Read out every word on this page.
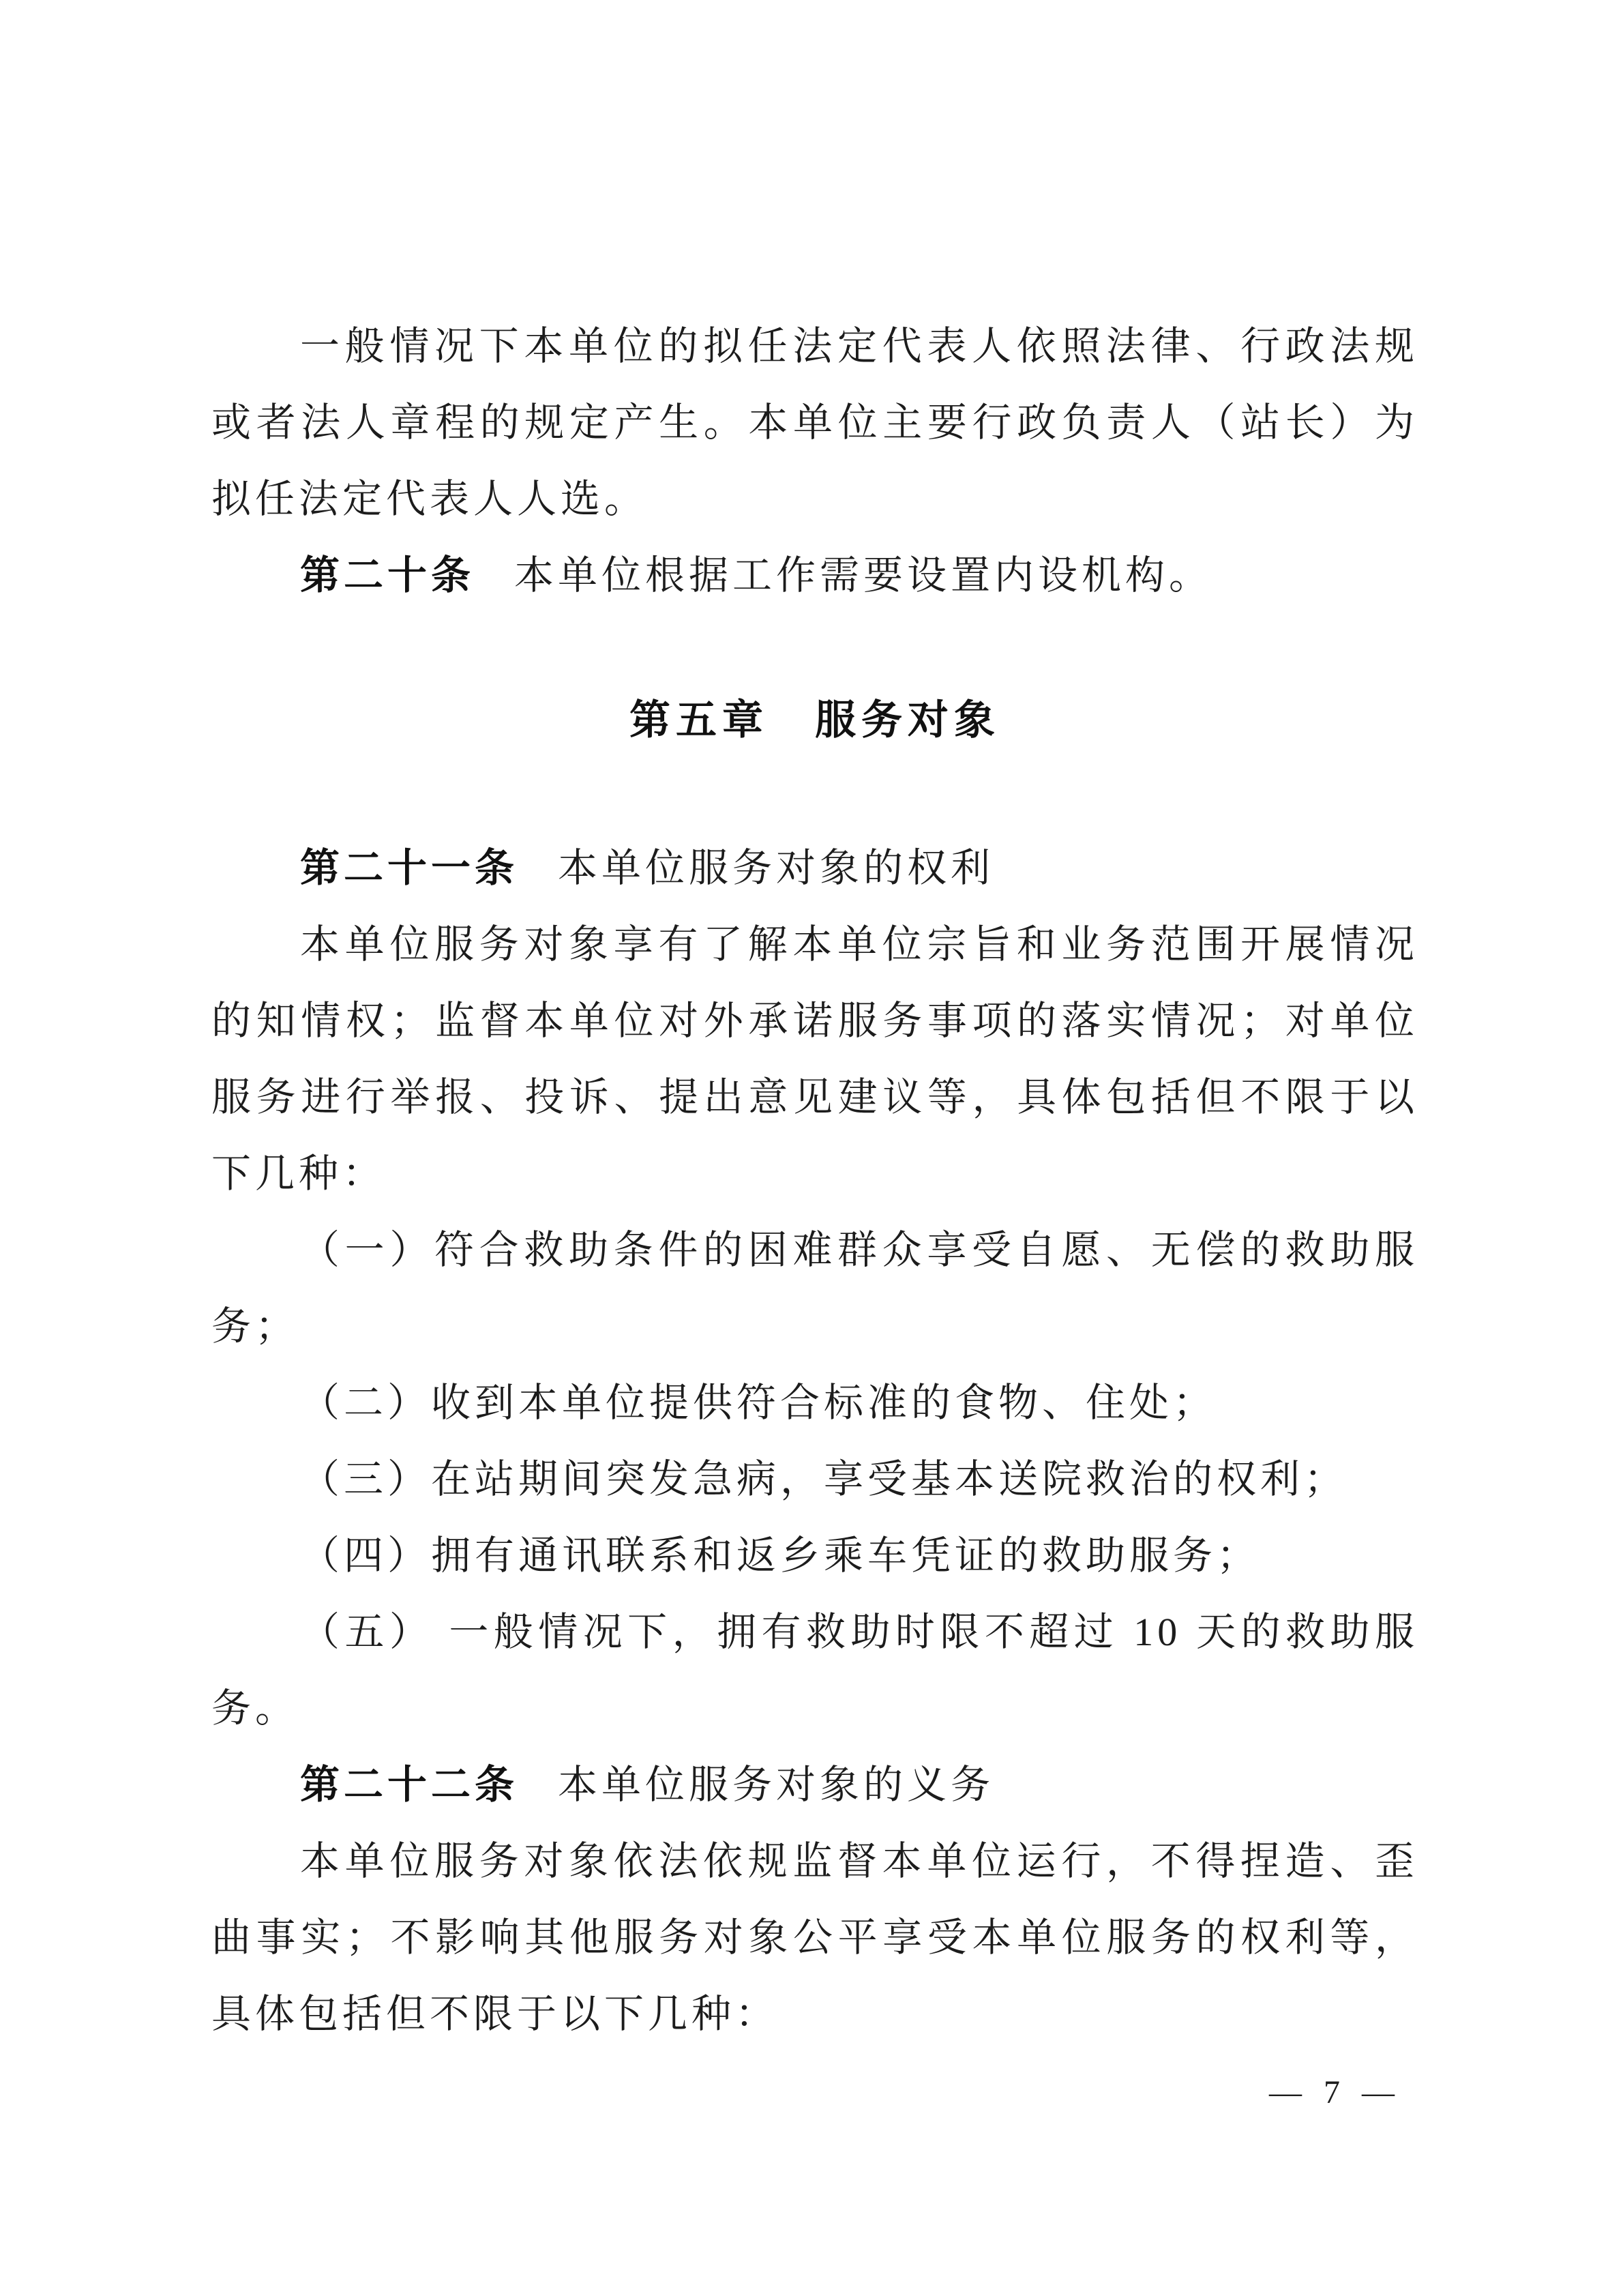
一般情况下本单位的拟任法定代表人依照法律、行政法规或者法人章程的规定产生。本单位主要行政负责人（站长）为拟任法定代表人人选。

第二十条 本单位根据工作需要设置内设机构。

第五章　服务对象

第二十一条 本单位服务对象的权利

本单位服务对象享有了解本单位宗旨和业务范围开展情况的知情权；监督本单位对外承诺服务事项的落实情况；对单位服务进行举报、投诉、提出意见建议等，具体包括但不限于以下几种：

（一）符合救助条件的困难群众享受自愿、无偿的救助服务；

（二）收到本单位提供符合标准的食物、住处；

（三）在站期间突发急病，享受基本送院救治的权利；

（四）拥有通讯联系和返乡乘车凭证的救助服务；

（五） 一般情况下，拥有救助时限不超过 10 天的救助服务。

第二十二条 本单位服务对象的义务

本单位服务对象依法依规监督本单位运行，不得捏造、歪曲事实；不影响其他服务对象公平享受本单位服务的权利等，具体包括但不限于以下几种：

— 7 —
